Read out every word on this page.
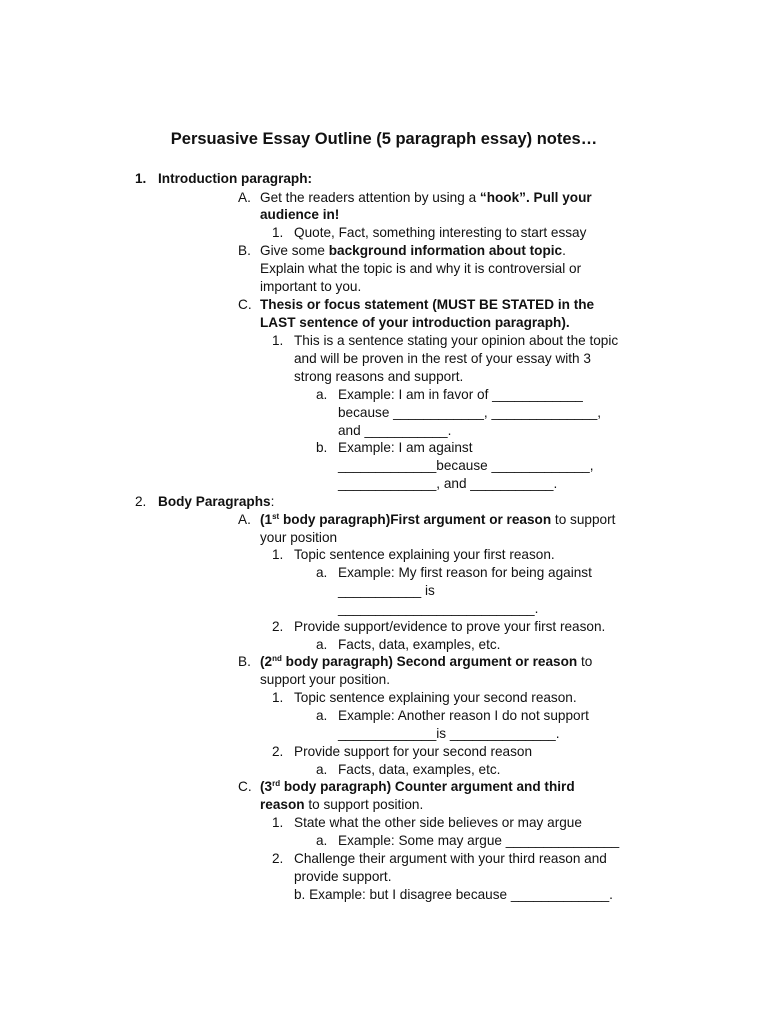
Persuasive Essay Outline (5 paragraph essay) notes…
1. Introduction paragraph:
A. Get the readers attention by using a “hook”. Pull your
audience in!
1. Quote, Fact, something interesting to start essay
B. Give some background information about topic.
Explain what the topic is and why it is controversial or
important to you.
C. Thesis or focus statement (MUST BE STATED in the
LAST sentence of your introduction paragraph).
1. This is a sentence stating your opinion about the topic
and will be proven in the rest of your essay with 3
strong reasons and support.
a. Example: I am in favor of ____________
because ____________, ______________,
and ___________.
b. Example: I am against
_____________because _____________,
_____________, and ___________.
2. Body Paragraphs:
A. (1st body paragraph)First argument or reason to support
your position
1. Topic sentence explaining your first reason.
a. Example: My first reason for being against
___________ is
__________________________.
2. Provide support/evidence to prove your first reason.
a. Facts, data, examples, etc.
B. (2nd body paragraph) Second argument or reason to
support your position.
1. Topic sentence explaining your second reason.
a. Example: Another reason I do not support
_____________is ______________.
2. Provide support for your second reason
a. Facts, data, examples, etc.
C. (3rd body paragraph) Counter argument and third
reason to support position.
1. State what the other side believes or may argue
a. Example: Some may argue _______________
2. Challenge their argument with your third reason and
provide support.
b. Example: but I disagree because _____________.
